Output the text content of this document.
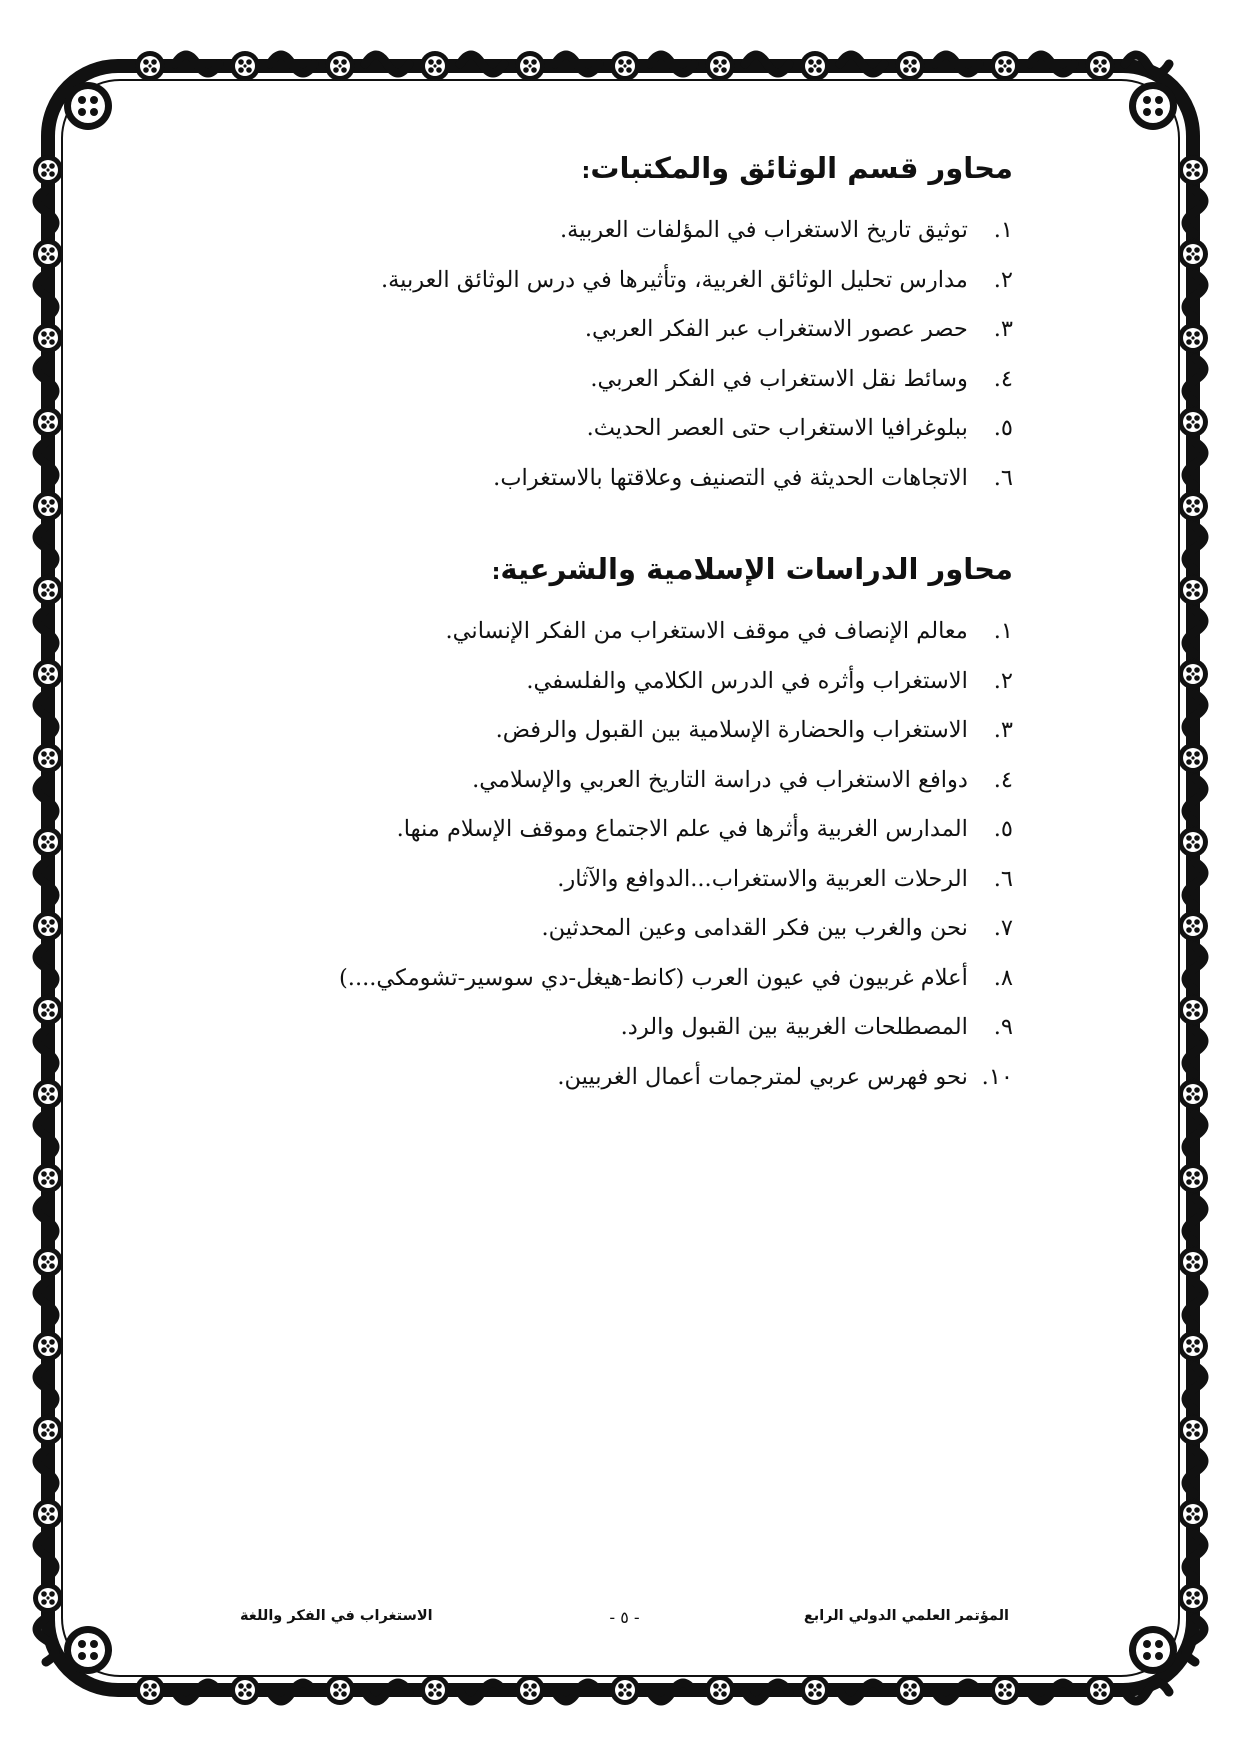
محاور قسم الوثائق والمكتبات:
١. توثيق تاريخ الاستغراب في المؤلفات العربية.
٢. مدارس تحليل الوثائق الغربية، وتأثيرها في درس الوثائق العربية.
٣. حصر عصور الاستغراب عبر الفكر العربي.
٤. وسائط نقل الاستغراب في الفكر العربي.
٥. ببلوغرافيا الاستغراب حتى العصر الحديث.
٦. الاتجاهات الحديثة في التصنيف وعلاقتها بالاستغراب.
محاور الدراسات الإسلامية والشرعية:
١. معالم الإنصاف في موقف الاستغراب من الفكر الإنساني.
٢. الاستغراب وأثره في الدرس الكلامي والفلسفي.
٣. الاستغراب والحضارة الإسلامية بين القبول والرفض.
٤. دوافع الاستغراب في دراسة التاريخ العربي والإسلامي.
٥. المدارس الغربية وأثرها في علم الاجتماع وموقف الإسلام منها.
٦. الرحلات العربية والاستغراب...الدوافع والآثار.
٧. نحن والغرب بين فكر القدامى وعين المحدثين.
٨. أعلام غربيون في عيون العرب (كانط-هيغل-دي سوسير-تشومكي....)
٩. المصطلحات الغربية بين القبول والرد.
١٠. نحو فهرس عربي لمترجمات أعمال الغربيين.
المؤتمر العلمي الدولي الرابع
- ٥ -
الاستغراب في الفكر واللغة
